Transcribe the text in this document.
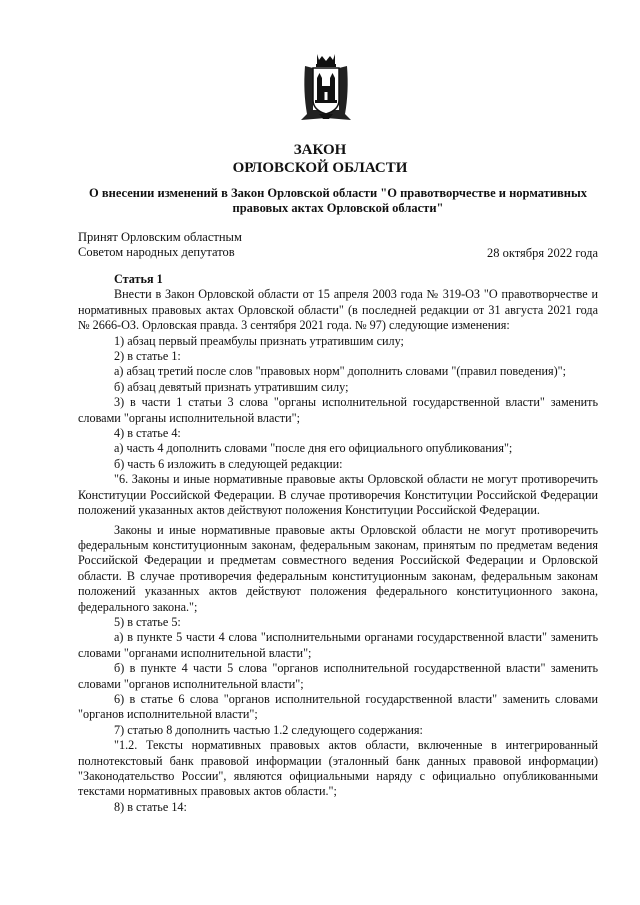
ЗАКОН
ОРЛОВСКОЙ ОБЛАСТИ
О внесении изменений в Закон Орловской области "О правотворчестве и нормативных правовых актах Орловской области"
Принят Орловским областным
Советом народных депутатов	28 октября 2022 года

Статья 1

Внести в Закон Орловской области от 15 апреля 2003 года № 319-ОЗ "О правотворчестве и нормативных правовых актах Орловской области" (в последней редакции от 31 августа 2021 года № 2666-ОЗ. Орловская правда. 3 сентября 2021 года. № 97) следующие изменения:

1) абзац первый преамбулы признать утратившим силу;

2) в статье 1:

а) абзац третий после слов "правовых норм" дополнить словами "(правил поведения)";

б) абзац девятый признать утратившим силу;

3) в части 1 статьи 3 слова "органы исполнительной государственной власти" заменить словами "органы исполнительной власти";

4) в статье 4:

а) часть 4 дополнить словами "после дня его официального опубликования";

б) часть 6 изложить в следующей редакции:

"6. Законы и иные нормативные правовые акты Орловской области не могут противоречить Конституции Российской Федерации. В случае противоречия Конституции Российской Федерации положений указанных актов действуют положения Конституции Российской Федерации.

Законы и иные нормативные правовые акты Орловской области не могут противоречить федеральным конституционным законам, федеральным законам, принятым по предметам ведения Российской Федерации и предметам совместного ведения Российской Федерации и Орловской области. В случае противоречия федеральным конституционным законам, федеральным законам положений указанных актов действуют положения федерального конституционного закона, федерального закона.";

5) в статье 5:

а) в пункте 5 части 4 слова "исполнительными органами государственной власти" заменить словами "органами исполнительной власти";

б) в пункте 4 части 5 слова "органов исполнительной государственной власти" заменить словами "органов исполнительной власти";

6) в статье 6 слова "органов исполнительной государственной власти" заменить словами "органов исполнительной власти";

7) статью 8 дополнить частью 1.2 следующего содержания:

"1.2. Тексты нормативных правовых актов области, включенные в интегрированный полнотекстовый банк правовой информации (эталонный банк данных правовой информации) "Законодательство России", являются официальными наряду с официально опубликованными текстами нормативных правовых актов области.";

8) в статье 14:
